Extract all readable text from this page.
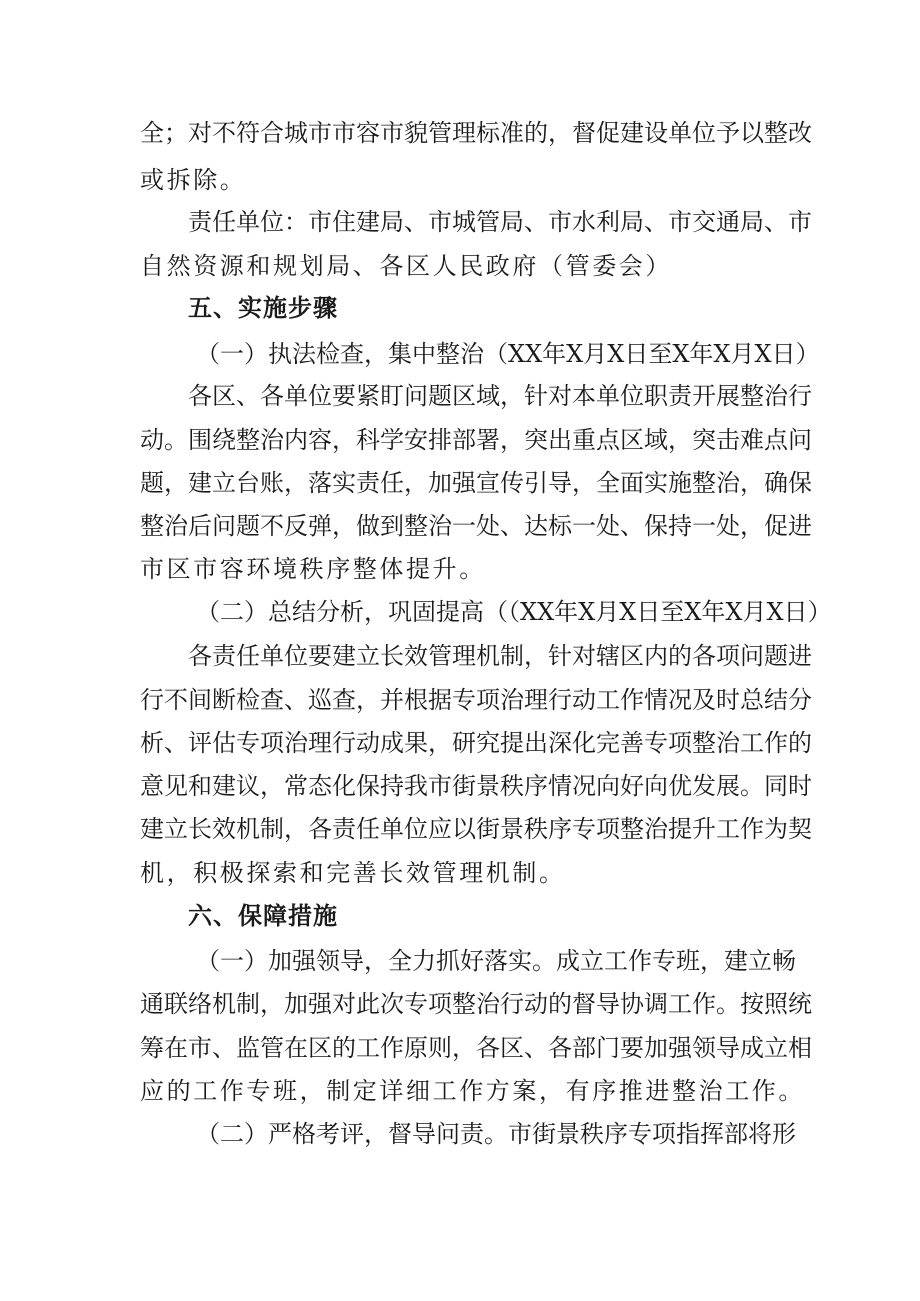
全；对不符合城市市容市貌管理标准的，督促建设单位予以整改
或拆除。
责任单位：市住建局、市城管局、市水利局、市交通局、市
自然资源和规划局、各区人民政府（管委会）
五、实施步骤
（一）执法检查，集中整治（XX年X月X日至X年X月X日）
各区、各单位要紧盯问题区域，针对本单位职责开展整治行
动。围绕整治内容，科学安排部署，突出重点区域，突击难点问
题，建立台账，落实责任，加强宣传引导，全面实施整治，确保
整治后问题不反弹，做到整治一处、达标一处、保持一处，促进
市区市容环境秩序整体提升。
（二）总结分析，巩固提高（（XX年X月X日至X年X月X日）
各责任单位要建立长效管理机制，针对辖区内的各项问题进
行不间断检查、巡查，并根据专项治理行动工作情况及时总结分
析、评估专项治理行动成果，研究提出深化完善专项整治工作的
意见和建议，常态化保持我市街景秩序情况向好向优发展。同时
建立长效机制，各责任单位应以街景秩序专项整治提升工作为契
机，积极探索和完善长效管理机制。
六、保障措施
（一）加强领导，全力抓好落实。成立工作专班，建立畅
通联络机制，加强对此次专项整治行动的督导协调工作。按照统
筹在市、监管在区的工作原则，各区、各部门要加强领导成立相
应的工作专班，制定详细工作方案，有序推进整治工作。
（二）严格考评，督导问责。市街景秩序专项指挥部将形
